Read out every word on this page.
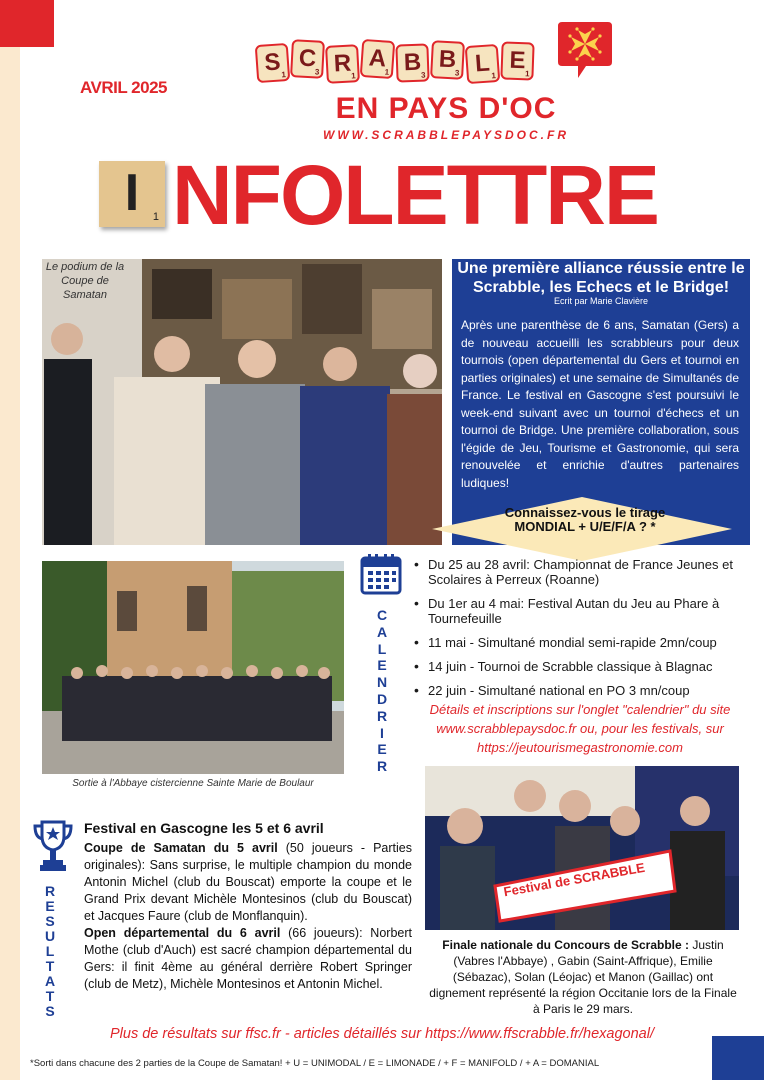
AVRIL 2025
S 1
C
3 R 1
A
1 B 3
B
3 L 1
E
1
EN PAYS D'OC
WWW.SCRABBLEPAYSDOC.FR
I	1 NFOLETTRE
Le podium de la Coupe de Samatan
Une première alliance réussie entre le Scrabble, les Echecs et le Bridge!
Ecrit par Marie Clavière
Après une parenthèse de 6 ans, Samatan (Gers) a de nouveau accueilli les scrabbleurs pour deux tournois (open départemental du Gers et tournoi en parties originales) et une semaine de Simultanés de France. Le festival en Gascogne s'est poursuivi le week-end suivant avec un tournoi d'échecs et un tournoi de Bridge. Une première collaboration, sous l'égide de Jeu, Tourisme et Gastronomie, qui sera renouvelée et enrichie d'autres partenaires ludiques!
Connaissez-vous le tirage MONDIAL + U/E/F/A ? *
Sortie à l'Abbaye cistercienne Sainte Marie de Boulaur
C
A
L
E
N
D
R
I
E
R
• Du 25 au 28 avril: Championnat de France Jeunes et Scolaires à Perreux (Roanne)
• Du 1er au 4 mai: Festival Autan du Jeu au Phare à Tournefeuille
• 11 mai - Simultané mondial semi-rapide 2mn/coup
• 14 juin - Tournoi de Scrabble classique à Blagnac
• 22 juin - Simultané national en PO 3 mn/coup
Détails et inscriptions sur l'onglet "calendrier" du site www.scrabblepaysdoc.fr ou, pour les festivals, sur https://jeutourismegastronomie.com
Festival de SCRABBLE
Finale nationale du Concours de Scrabble : Justin (Vabres l'Abbaye) , Gabin (Saint-Affrique), Emilie (Sébazac), Solan (Léojac) et Manon (Gaillac) ont dignement représenté la région Occitanie lors de la Finale à Paris le 29 mars.
R
E
S
U
L
T
A
T
S
Festival en Gascogne les 5 et 6 avril

Coupe de Samatan du 5 avril (50 joueurs - Parties originales): Sans surprise, le multiple champion du monde Antonin Michel (club du Bouscat) emporte la coupe et le Grand Prix devant Michèle Montesinos (club du Bouscat) et Jacques Faure (club de Monflanquin).

Open départemental du 6 avril (66 joueurs): Norbert Mothe (club d'Auch) est sacré champion départemental du Gers: il finit 4ème au général derrière Robert Springer (club de Metz), Michèle Montesinos et Antonin Michel.

Plus de résultats sur ffsc.fr - articles détaillés sur https://www.ffscrabble.fr/hexagonal/
*Sorti dans chacune des 2 parties de la Coupe de Samatan! + U = UNIMODAL / E = LIMONADE / + F = MANIFOLD / + A = DOMANIAL
